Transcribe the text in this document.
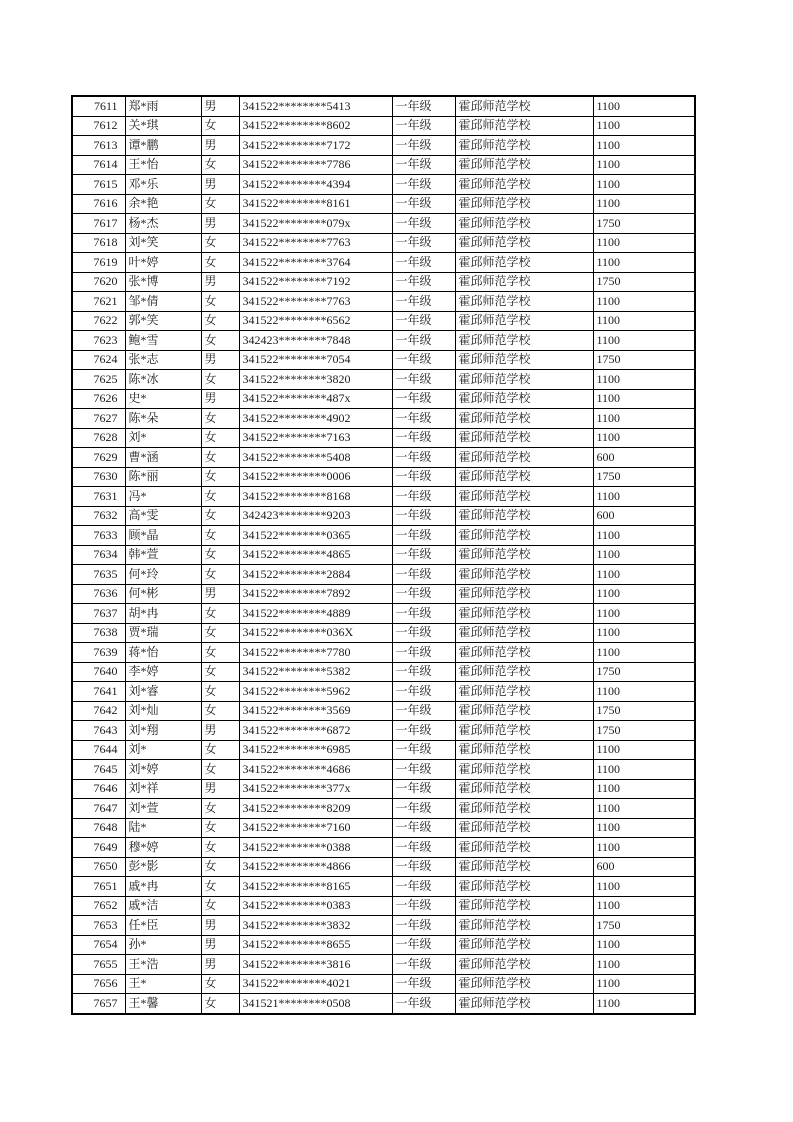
7611	郑*雨	男	341522********5413	一年级	霍邱师范学校	1100
7612	关*琪	女	341522********8602	一年级	霍邱师范学校	1100
7613	谭*鹏	男	341522********7172	一年级	霍邱师范学校	1100
7614	王*怡	女	341522********7786	一年级	霍邱师范学校	1100
7615	邓*乐	男	341522********4394	一年级	霍邱师范学校	1100
7616	余*艳	女	341522********8161	一年级	霍邱师范学校	1100
7617	杨*杰	男	341522********079x	一年级	霍邱师范学校	1750
7618	刘*笑	女	341522********7763	一年级	霍邱师范学校	1100
7619	叶*婷	女	341522********3764	一年级	霍邱师范学校	1100
7620	张*博	男	341522********7192	一年级	霍邱师范学校	1750
7621	邹*倩	女	341522********7763	一年级	霍邱师范学校	1100
7622	郭*笑	女	341522********6562	一年级	霍邱师范学校	1100
7623	鲍*雪	女	342423********7848	一年级	霍邱师范学校	1100
7624	张*志	男	341522********7054	一年级	霍邱师范学校	1750
7625	陈*冰	女	341522********3820	一年级	霍邱师范学校	1100
7626	史*	男	341522********487x	一年级	霍邱师范学校	1100
7627	陈*朵	女	341522********4902	一年级	霍邱师范学校	1100
7628	刘*	女	341522********7163	一年级	霍邱师范学校	1100
7629	曹*涵	女	341522********5408	一年级	霍邱师范学校	600
7630	陈*丽	女	341522********0006	一年级	霍邱师范学校	1750
7631	冯*	女	341522********8168	一年级	霍邱师范学校	1100
7632	高*雯	女	342423********9203	一年级	霍邱师范学校	600
7633	顾*晶	女	341522********0365	一年级	霍邱师范学校	1100
7634	韩*萱	女	341522********4865	一年级	霍邱师范学校	1100
7635	何*玲	女	341522********2884	一年级	霍邱师范学校	1100
7636	何*彬	男	341522********7892	一年级	霍邱师范学校	1100
7637	胡*冉	女	341522********4889	一年级	霍邱师范学校	1100
7638	贾*瑞	女	341522********036X	一年级	霍邱师范学校	1100
7639	蒋*怡	女	341522********7780	一年级	霍邱师范学校	1100
7640	李*婷	女	341522********5382	一年级	霍邱师范学校	1750
7641	刘*睿	女	341522********5962	一年级	霍邱师范学校	1100
7642	刘*灿	女	341522********3569	一年级	霍邱师范学校	1750
7643	刘*翔	男	341522********6872	一年级	霍邱师范学校	1750
7644	刘*	女	341522********6985	一年级	霍邱师范学校	1100
7645	刘*婷	女	341522********4686	一年级	霍邱师范学校	1100
7646	刘*祥	男	341522********377x	一年级	霍邱师范学校	1100
7647	刘*萱	女	341522********8209	一年级	霍邱师范学校	1100
7648	陆*	女	341522********7160	一年级	霍邱师范学校	1100
7649	穆*婷	女	341522********0388	一年级	霍邱师范学校	1100
7650	彭*影	女	341522********4866	一年级	霍邱师范学校	600
7651	戚*冉	女	341522********8165	一年级	霍邱师范学校	1100
7652	戚*洁	女	341522********0383	一年级	霍邱师范学校	1100
7653	任*臣	男	341522********3832	一年级	霍邱师范学校	1750
7654	孙*	男	341522********8655	一年级	霍邱师范学校	1100
7655	王*浩	男	341522********3816	一年级	霍邱师范学校	1100
7656	王*	女	341522********4021	一年级	霍邱师范学校	1100
7657	王*馨	女	341521********0508	一年级	霍邱师范学校	1100
